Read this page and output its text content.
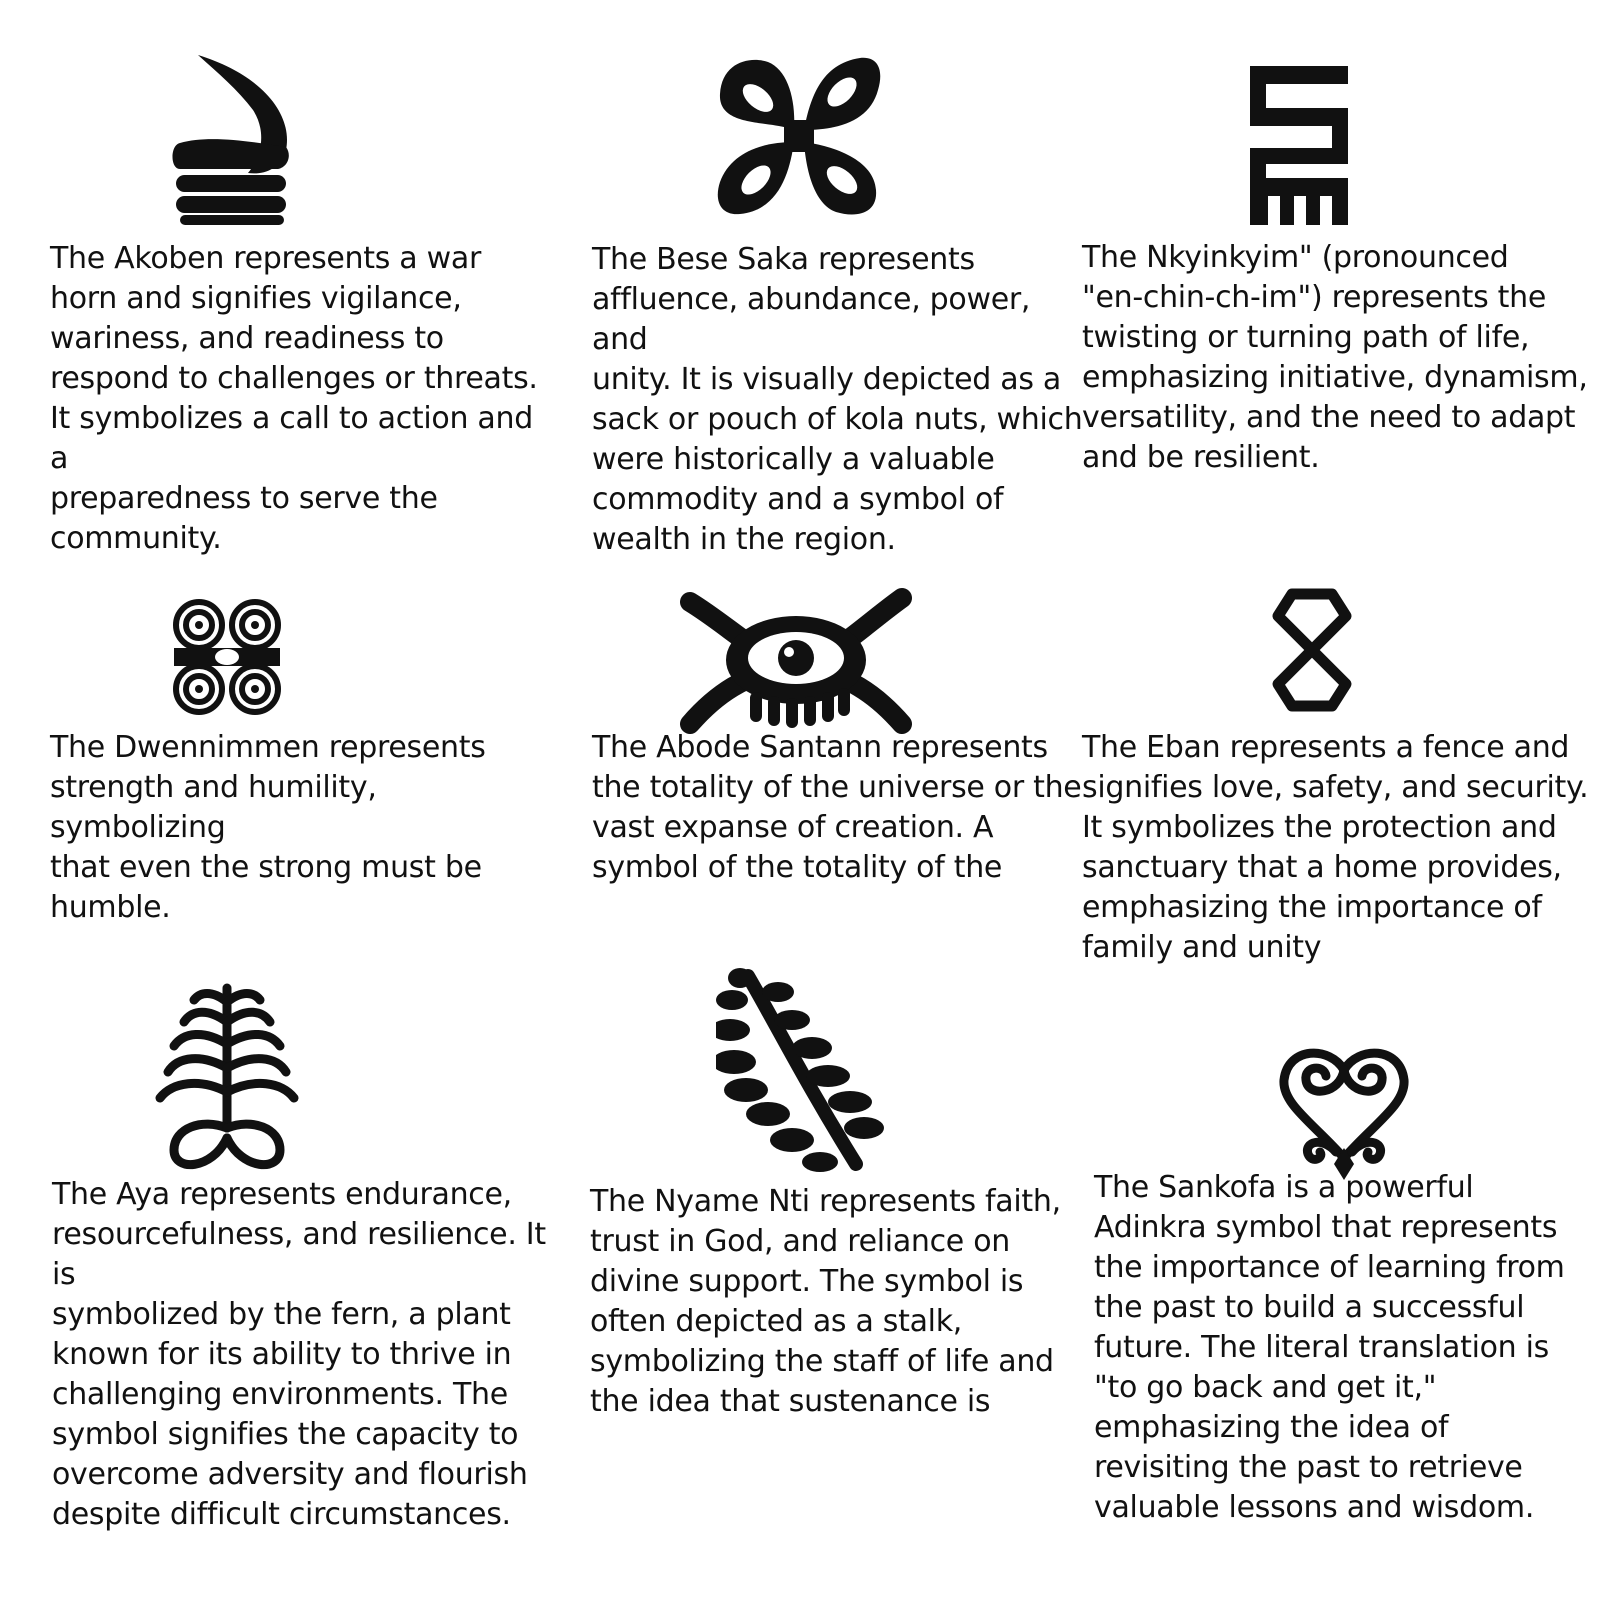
The Akoben represents a war
horn and signifies vigilance,
wariness, and readiness to
respond to challenges or threats.
It symbolizes a call to action and a
preparedness to serve the
community.

The Bese Saka represents
affluence, abundance, power, and
unity. It is visually depicted as a
sack or pouch of kola nuts, which
were historically a valuable
commodity and a symbol of
wealth in the region.

The Nkyinkyim" (pronounced
"en-chin-ch-im") represents the
twisting or turning path of life,
emphasizing initiative, dynamism,
versatility, and the need to adapt
and be resilient.

The Dwennimmen represents
strength and humility, symbolizing
that even the strong must be
humble.

The Abode Santann represents
the totality of the universe or the
vast expanse of creation. A
symbol of the totality of the

The Eban represents a fence and
signifies love, safety, and security.
It symbolizes the protection and
sanctuary that a home provides,
emphasizing the importance of
family and unity

The Aya represents endurance,
resourcefulness, and resilience. It is
symbolized by the fern, a plant
known for its ability to thrive in
challenging environments. The
symbol signifies the capacity to
overcome adversity and flourish
despite difficult circumstances.

The Nyame Nti represents faith,
trust in God, and reliance on
divine support. The symbol is
often depicted as a stalk,
symbolizing the staff of life and
the idea that sustenance is

The Sankofa is a powerful
Adinkra symbol that represents
the importance of learning from
the past to build a successful
future. The literal translation is
"to go back and get it,"
emphasizing the idea of
revisiting the past to retrieve
valuable lessons and wisdom.
